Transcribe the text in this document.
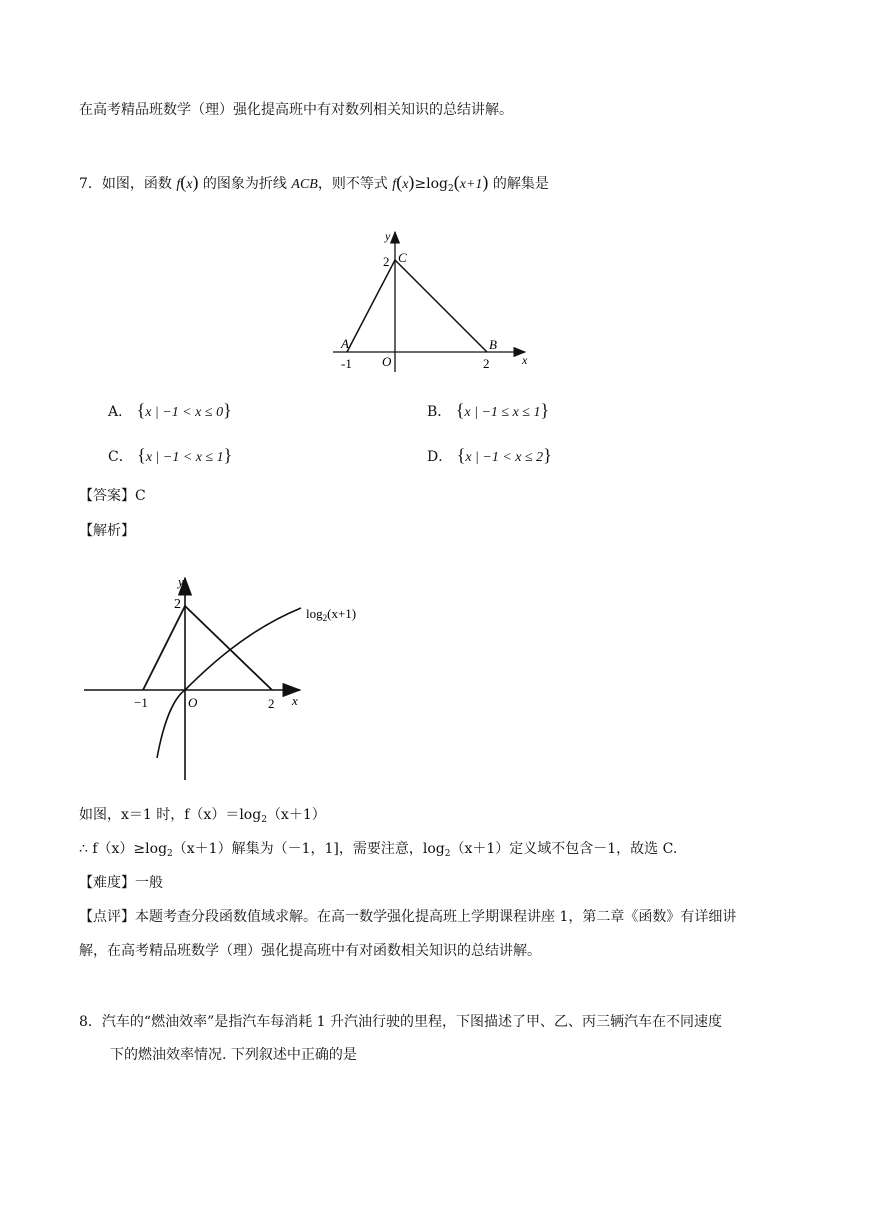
在高考精品班数学（理）强化提高班中有对数列相关知识的总结讲解。
7．如图，函数 f(x) 的图象为折线 ACB，则不等式 $f(x)\ge\log_2(x+1)$ 的解集是
y
2 C
A	B
-1 O	2	x
A． {x | −1 < x ≤ 0}	B． {x | −1 ≤ x ≤ 1}
C． {x | −1 < x ≤ 1}	D． {x | −1 < x ≤ 2}
【答案】C
【解析】
y
2
−1	O	2 x
$\log_2(x+1)$
如图，x＝1 时，$f(x)=\log_2(x+1)$
∴ $f(x)\ge\log_2(x+1)$解集为（－1，1]，需要注意，$\log_2(x+1)$定义域不包含－1，故选 C.
【难度】一般
【点评】本题考查分段函数值域求解。在高一数学强化提高班上学期课程讲座 1，第二章《函数》有详细讲
解，在高考精品班数学（理）强化提高班中有对函数相关知识的总结讲解。
8．汽车的“燃油效率”是指汽车每消耗 1 升汽油行驶的里程，下图描述了甲、乙、丙三辆汽车在不同速度
下的燃油效率情况. 下列叙述中正确的是
